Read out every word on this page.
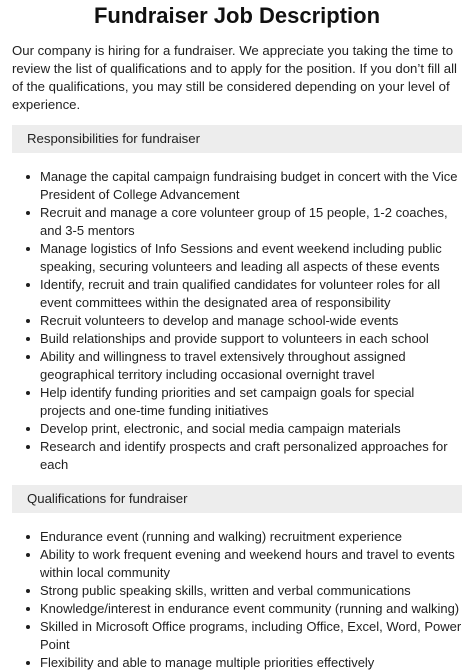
Fundraiser Job Description

Our company is hiring for a fundraiser. We appreciate you taking the time to review the list of qualifications and to apply for the position. If you don’t fill all of the qualifications, you may still be considered depending on your level of experience.

Responsibilities for fundraiser
Manage the capital campaign fundraising budget in concert with the Vice President of College Advancement
Recruit and manage a core volunteer group of 15 people, 1-2 coaches, and 3-5 mentors
Manage logistics of Info Sessions and event weekend including public speaking, securing volunteers and leading all aspects of these events
Identify, recruit and train qualified candidates for volunteer roles for all event committees within the designated area of responsibility
Recruit volunteers to develop and manage school-wide events
Build relationships and provide support to volunteers in each school
Ability and willingness to travel extensively throughout assigned geographical territory including occasional overnight travel
Help identify funding priorities and set campaign goals for special projects and one-time funding initiatives
Develop print, electronic, and social media campaign materials
Research and identify prospects and craft personalized approaches for each
Qualifications for fundraiser
Endurance event (running and walking) recruitment experience
Ability to work frequent evening and weekend hours and travel to events within local community
Strong public speaking skills, written and verbal communications
Knowledge/interest in endurance event community (running and walking)
Skilled in Microsoft Office programs, including Office, Excel, Word, Power Point
Flexibility and able to manage multiple priorities effectively
